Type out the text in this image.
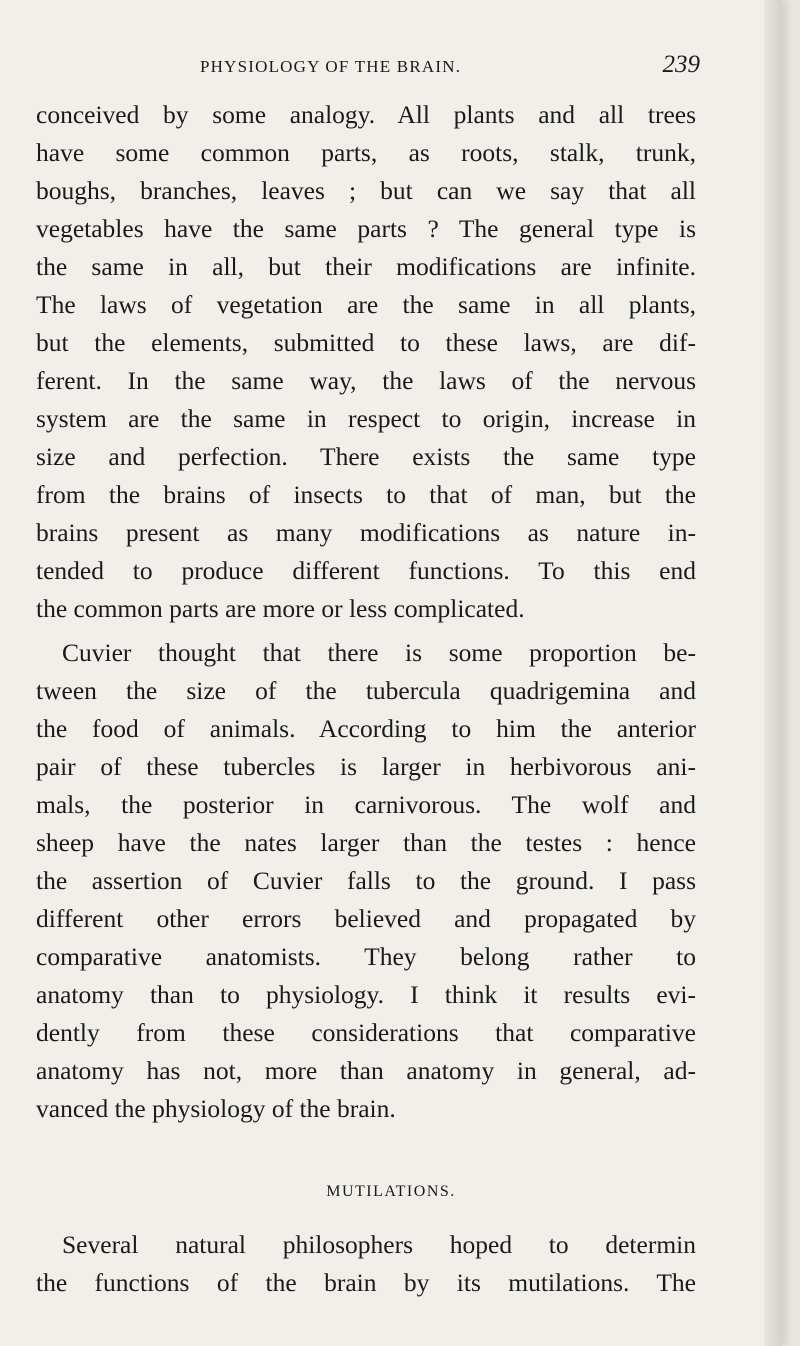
PHYSIOLOGY OF THE BRAIN.	239

conceived by some analogy. All plants and all trees
have some common parts, as roots, stalk, trunk,
boughs, branches, leaves ; but can we say that all
vegetables have the same parts ? The general type is
the same in all, but their modifications are infinite.
The laws of vegetation are the same in all plants,
but the elements, submitted to these laws, are dif-
ferent. In the same way, the laws of the nervous
system are the same in respect to origin, increase in
size and perfection. There exists the same type
from the brains of insects to that of man, but the
brains present as many modifications as nature in-
tended to produce different functions. To this end
the common parts are more or less complicated.

Cuvier thought that there is some proportion be-
tween the size of the tubercula quadrigemina and
the food of animals. According to him the anterior
pair of these tubercles is larger in herbivorous ani-
mals, the posterior in carnivorous. The wolf and
sheep have the nates larger than the testes : hence
the assertion of Cuvier falls to the ground. I pass
different other errors believed and propagated by
comparative anatomists. They belong rather to
anatomy than to physiology. I think it results evi-
dently from these considerations that comparative
anatomy has not, more than anatomy in general, ad-
vanced the physiology of the brain.

MUTILATIONS.

Several natural philosophers hoped to determin
the functions of the brain by its mutilations. The
